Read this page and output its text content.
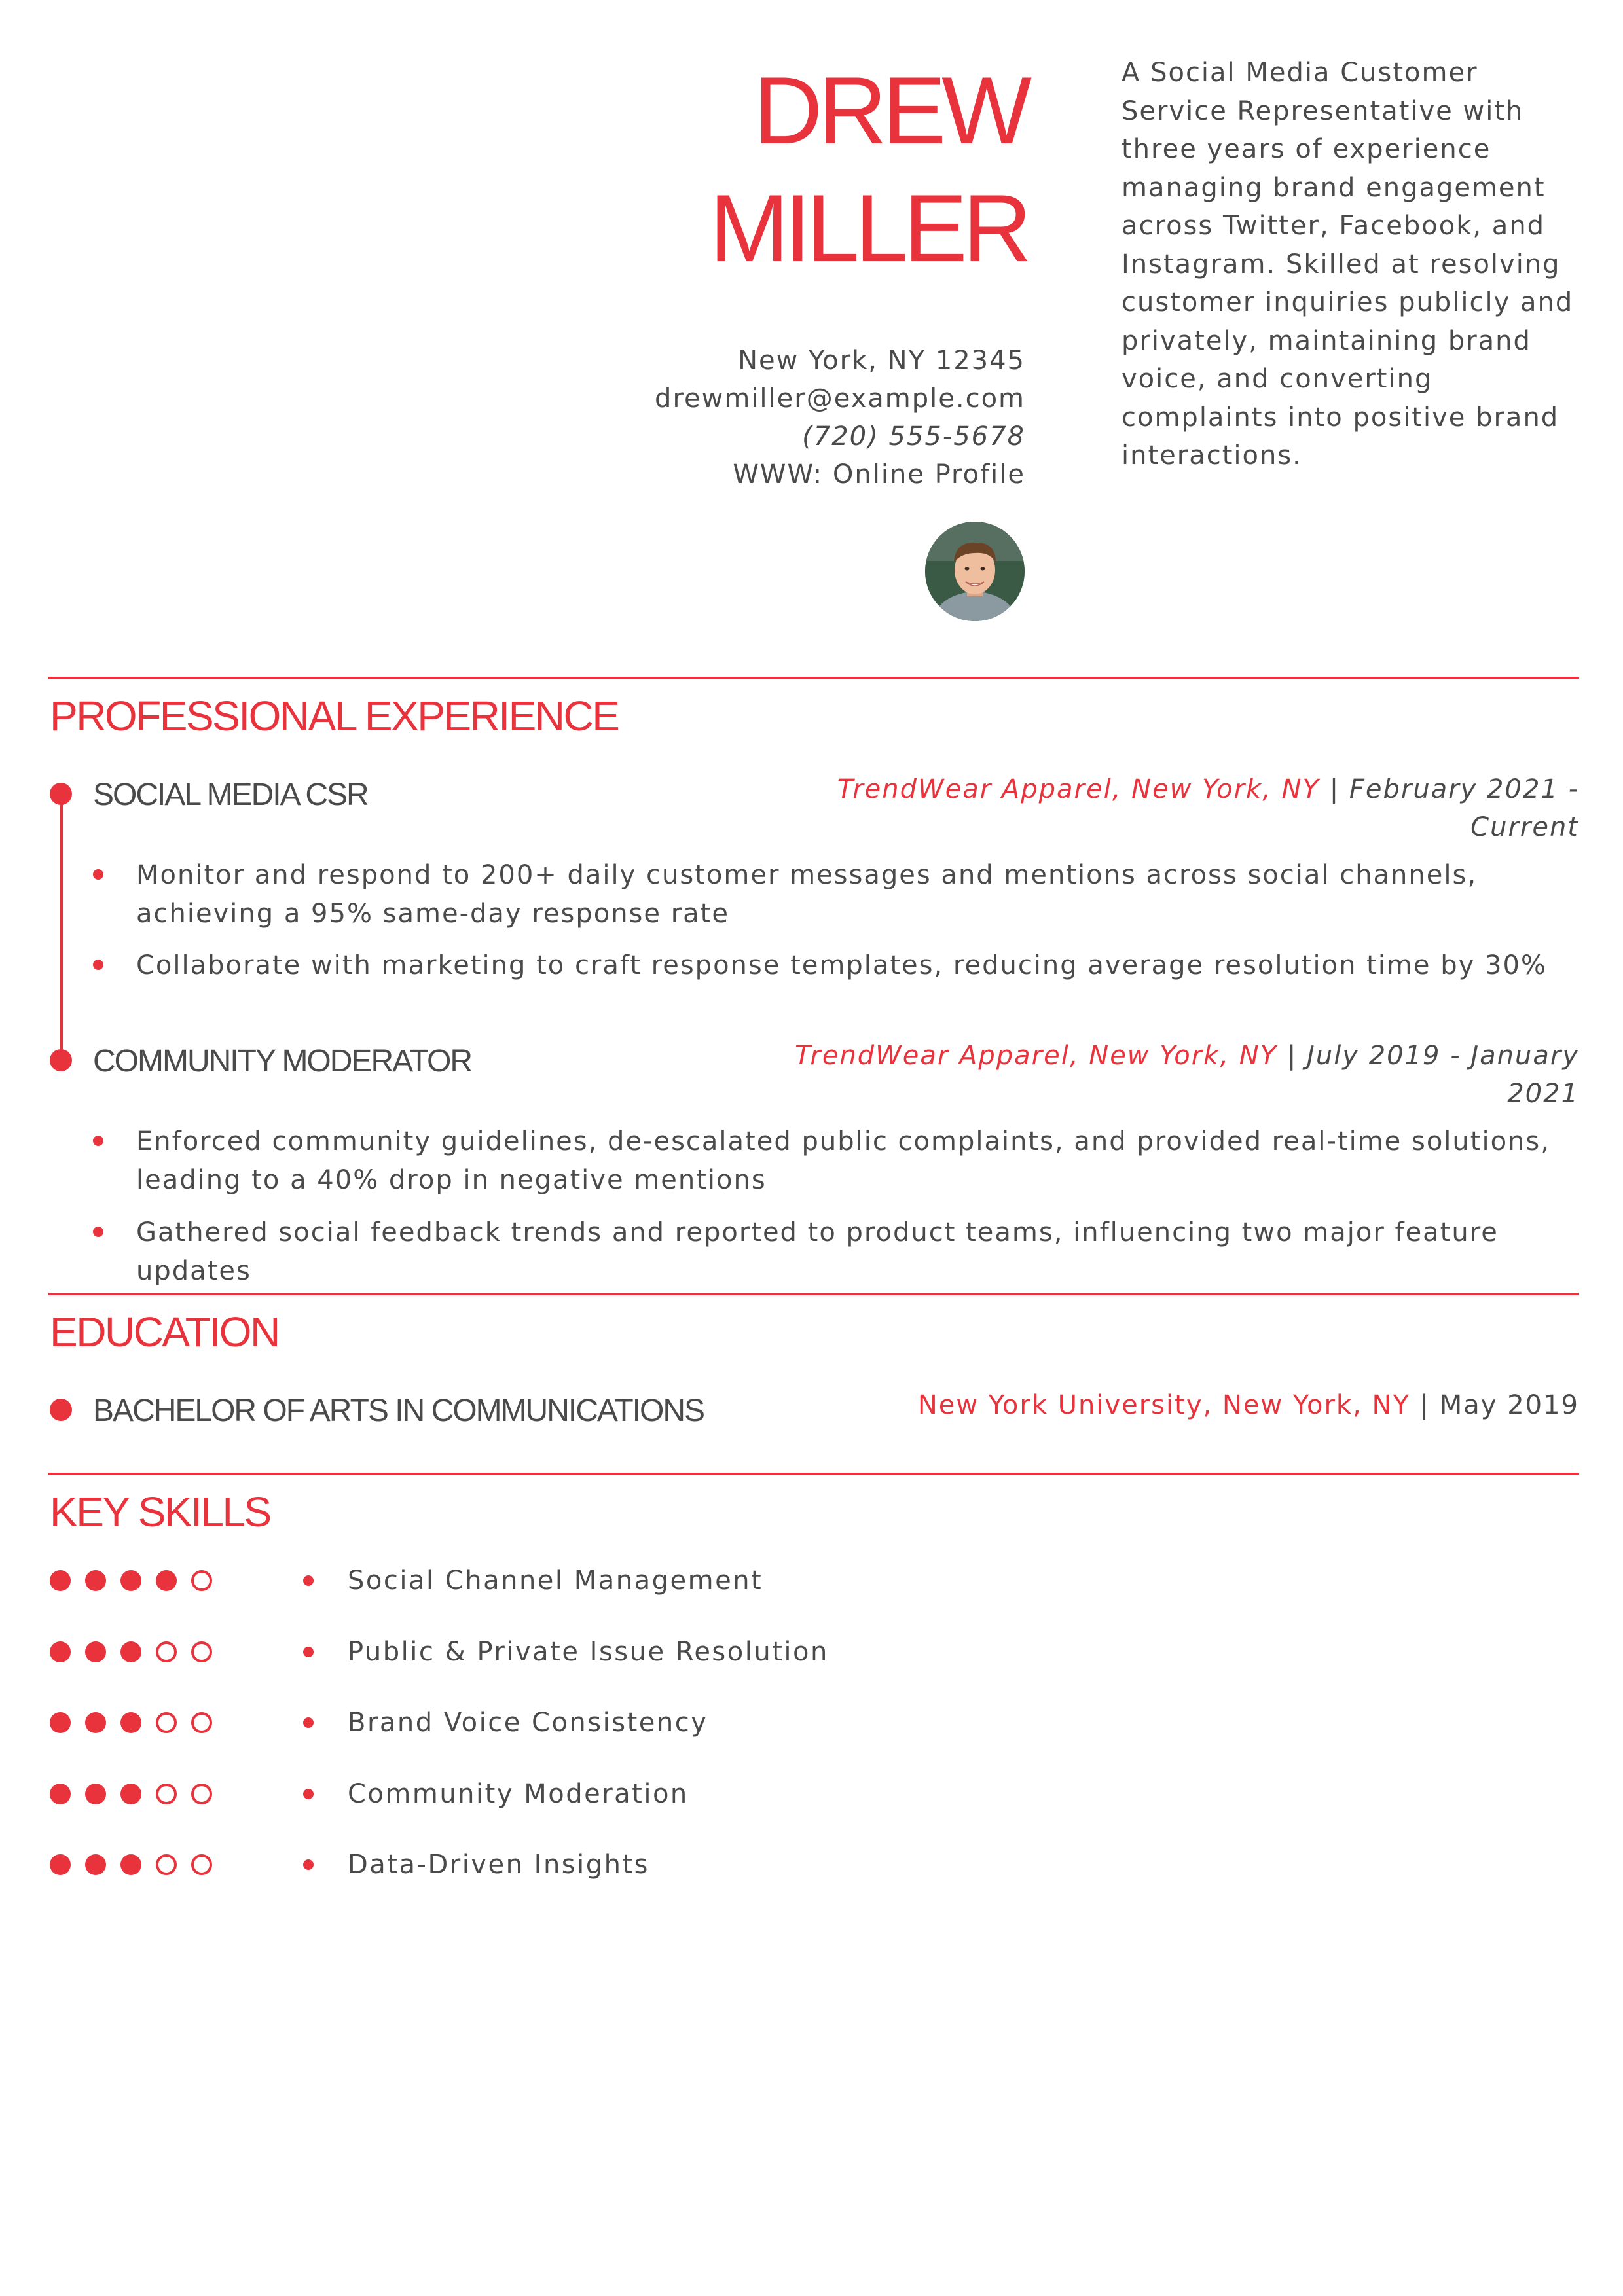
DREW
MILLER
New York, NY 12345
drewmiller@example.com
(720) 555-5678
WWW: Online Profile

A Social Media Customer Service Representative with three years of experience managing brand engagement across Twitter, Facebook, and Instagram. Skilled at resolving customer inquiries publicly and privately, maintaining brand voice, and converting complaints into positive brand interactions.

PROFESSIONAL EXPERIENCE
SOCIAL MEDIA CSR	TrendWear Apparel, New York, NY | February 2021 - Current
Monitor and respond to 200+ daily customer messages and mentions across social channels, achieving a 95% same-day response rate
Collaborate with marketing to craft response templates, reducing average resolution time by 30%
COMMUNITY MODERATOR	TrendWear Apparel, New York, NY | July 2019 - January 2021
Enforced community guidelines, de-escalated public complaints, and provided real-time solutions, leading to a 40% drop in negative mentions
Gathered social feedback trends and reported to product teams, influencing two major feature updates
EDUCATION
BACHELOR OF ARTS IN COMMUNICATIONS	New York University, New York, NY | May 2019
KEY SKILLS
Social Channel Management
Public & Private Issue Resolution
Brand Voice Consistency
Community Moderation
Data-Driven Insights
